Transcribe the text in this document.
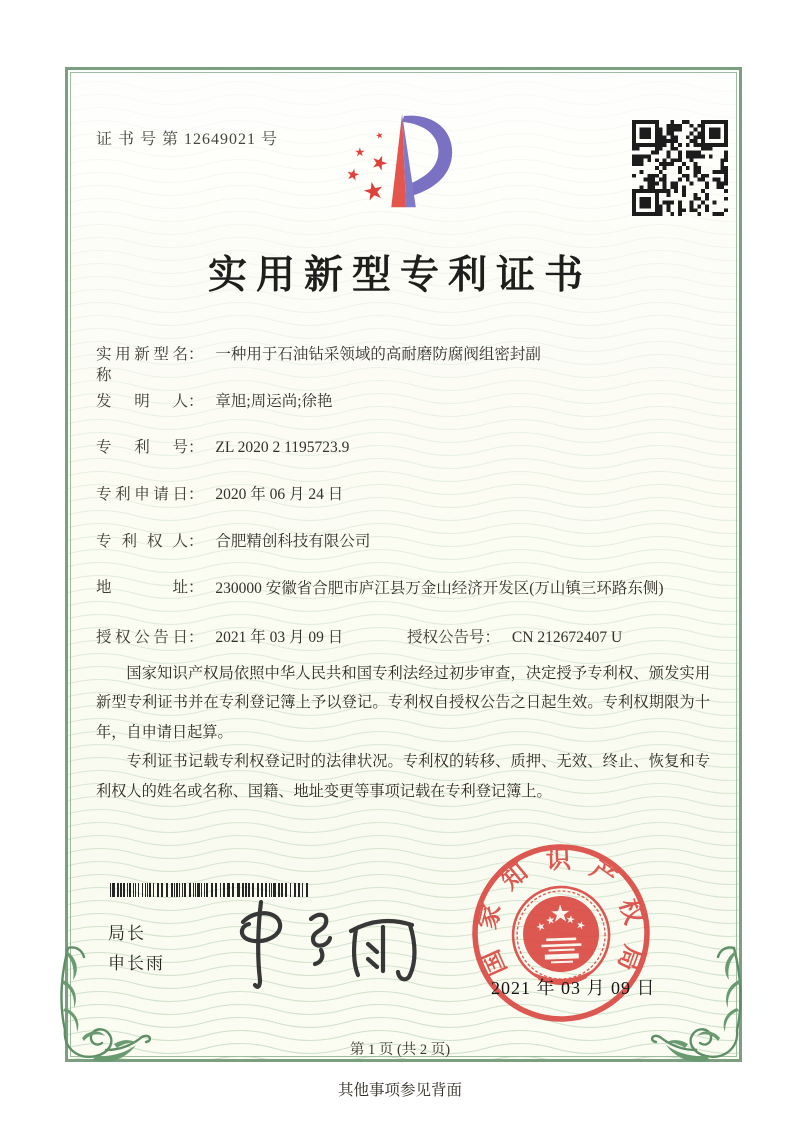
证 书 号 第 12649021 号
实用新型专利证书
实用新型名称： 一种用于石油钻采领域的高耐磨防腐阀组密封副
发明人： 章旭;周运尚;徐艳
专利号： ZL 2020 2 1195723.9
专利申请日： 2020 年 06 月 24 日
专利权人： 合肥精创科技有限公司
地址： 230000 安徽省合肥市庐江县万金山经济开发区(万山镇三环路东侧)
授权公告日： 2021 年 03 月 09 日	授权公告号： CN 212672407 U

国家知识产权局依照中华人民共和国专利法经过初步审查，决定授予专利权、颁发实用新型专利证书并在专利登记簿上予以登记。专利权自授权公告之日起生效。专利权期限为十年，自申请日起算。

专利证书记载专利权登记时的法律状况。专利权的转移、质押、无效、终止、恢复和专利权人的姓名或名称、国籍、地址变更等事项记载在专利登记簿上。

局长
申长雨	国
家
知 识 产
权
局
2021 年 03 月 09 日
第 1 页 (共 2 页)
其他事项参见背面
